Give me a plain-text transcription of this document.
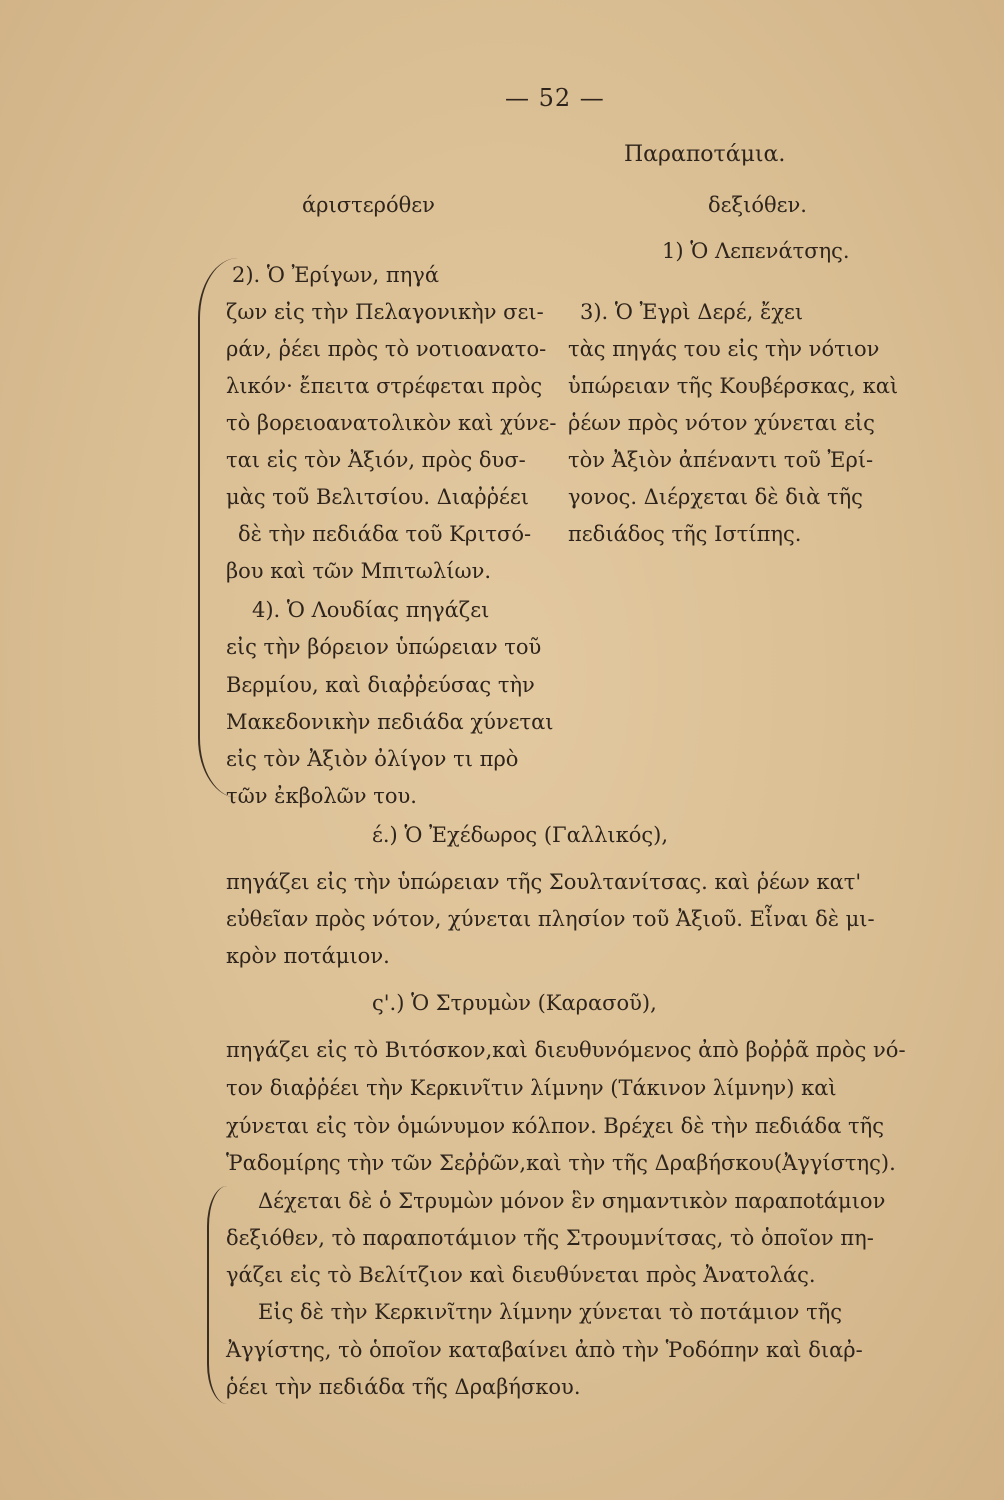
— 52 —
Παραποτάμια.
άριστερόθεν
2). Ὁ Ἐρίγων, πηγά
ζων εἰς τὴν Πελαγονικὴν σει-
ράν, ῥέει πρὸς τὸ νοτιοανατο-
λικόν· ἔπειτα στρέφεται πρὸς
τὸ βορειοανατολικὸν καὶ χύνε-
ται εἰς τὸν Ἀξιόν, πρὸς δυσ-
μὰς τοῦ Βελιτσίου. Διαῤῥέει
δὲ τὴν πεδιάδα τοῦ Κριτσό-
βου καὶ τῶν Μπιτωλίων.
4). Ὁ Λουδίας πηγάζει
εἰς τὴν βόρειον ὑπώρειαν τοῦ
Βερμίου, καὶ διαῤῥεύσας τὴν
Μακεδονικὴν πεδιάδα χύνεται
εἰς τὸν Ἀξιὸν ὀλίγον τι πρὸ
τῶν ἐκβολῶν του.
δεξιόθεν.
1) Ὁ Λεπενάτσης.
3). Ὁ Ἐγρὶ Δερέ, ἔχει
τὰς πηγάς του εἰς τὴν νότιον
ὑπώρειαν τῆς Κουβέρσκας, καὶ
ῥέων πρὸς νότον χύνεται εἰς
τὸν Ἀξιὸν ἀπέναντι τοῦ Ἐρί-
γονος. Διέρχεται δὲ διὰ τῆς
πεδιάδος τῆς Ιστίπης.
έ.) Ὁ Ἐχέδωρος (Γαλλικός),
πηγάζει εἰς τὴν ὑπώρειαν τῆς Σουλτανίτσας. καὶ ῥέων κατ'
εὐθεῖαν πρὸς νότον, χύνεται πλησίον τοῦ Ἀξιοῦ. Εἶναι δὲ μι-
κρὸν ποτάμιον.
ς'.) Ὁ Στρυμὼν (Καρασοῦ),
πηγάζει εἰς τὸ Βιτόσκον,καὶ διευθυνόμενος ἀπὸ βοῤῥᾶ πρὸς νό-
τον διαῤῥέει τὴν Κερκινῖτιν λίμνην (Τάκινον λίμνην) καὶ
χύνεται εἰς τὸν ὁμώνυμον κόλπον. Βρέχει δὲ τὴν πεδιάδα τῆς
Ῥαδομίρης τὴν τῶν Σεῤῥῶν,καὶ τὴν τῆς Δραβήσκου(Ἀγγίστης).
Δέχεται δὲ ὁ Στρυμὼν μόνον ἓν σημαντικὸν παραπotάμιον
δεξιόθεν, τὸ παραποτάμιον τῆς Στρουμνίτσας, τὸ ὁποῖον πη-
γάζει εἰς τὸ Βελίτζιον καὶ διευθύνεται πρὸς Ἀνατολάς.
Εἰς δὲ τὴν Κερκινῖτην λίμνην χύνεται τὸ ποτάμιον τῆς
Ἀγγίστης, τὸ ὁποῖον καταβαίνει ἀπὸ τὴν Ῥοδόπην καὶ διαῤ-
ῥέει τὴν πεδιάδα τῆς Δραβήσκου.
